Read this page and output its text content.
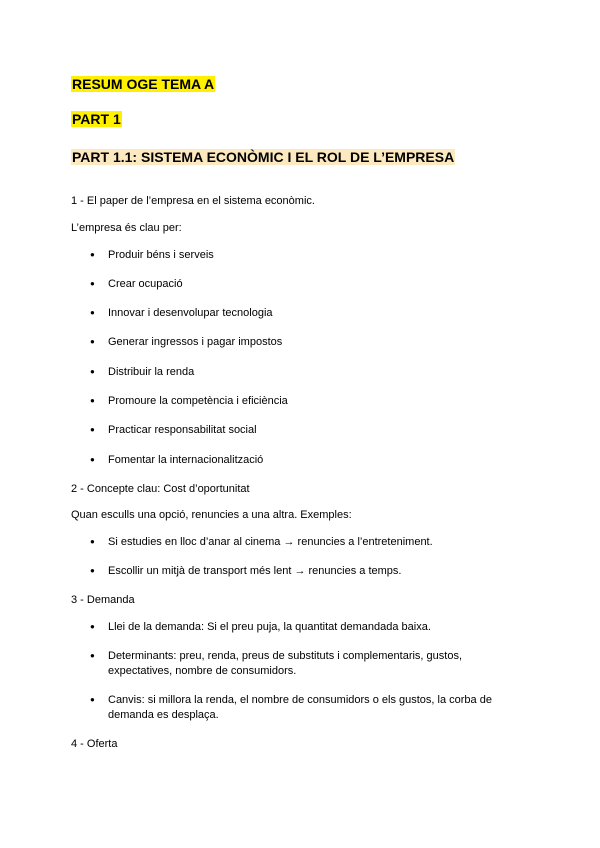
RESUM OGE TEMA A
PART 1
PART 1.1: SISTEMA ECONÒMIC I EL ROL DE L’EMPRESA
1 - El paper de l’empresa en el sistema econòmic.
L’empresa és clau per:
● Produir béns i serveis
● Crear ocupació
● Innovar i desenvolupar tecnologia
● Generar ingressos i pagar impostos
● Distribuir la renda
● Promoure la competència i eficiència
● Practicar responsabilitat social
● Fomentar la internacionalització
2 - Concepte clau: Cost d’oportunitat
Quan esculls una opció, renuncies a una altra. Exemples:
● Si estudies en lloc d’anar al cinema → renuncies a l’entreteniment.
● Escollir un mitjà de transport més lent → renuncies a temps.
3 - Demanda
● Llei de la demanda: Si el preu puja, la quantitat demandada baixa.
● Determinants: preu, renda, preus de substituts i complementaris, gustos, expectatives, nombre de consumidors.
● Canvis: si millora la renda, el nombre de consumidors o els gustos, la corba de demanda es desplaça.
4 - Oferta
